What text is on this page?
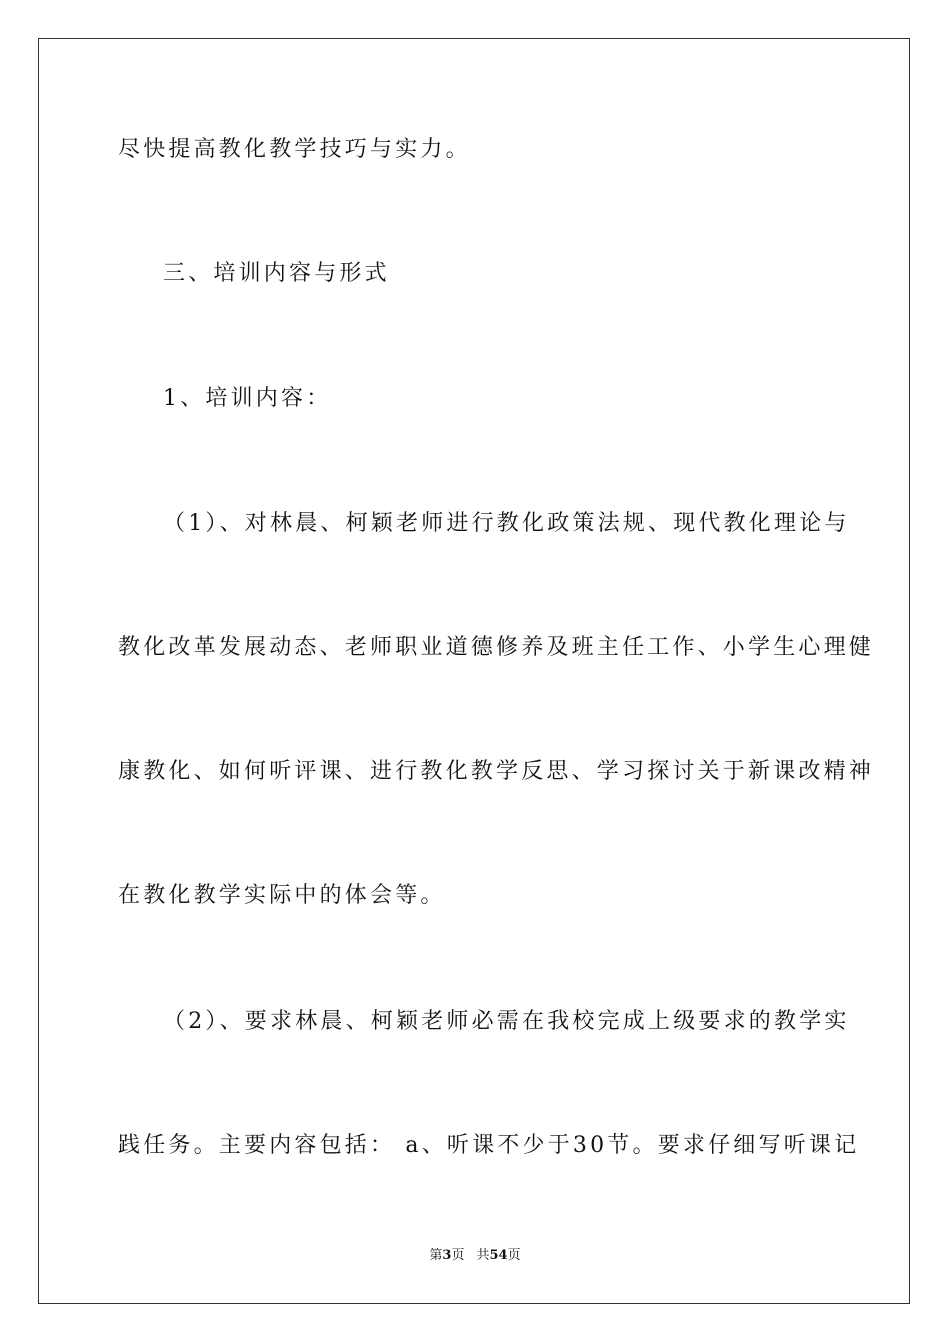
尽快提高教化教学技巧与实力。
三、培训内容与形式
1、培训内容：
（1）、对林晨、柯颖老师进行教化政策法规、现代教化理论与
教化改革发展动态、老师职业道德修养及班主任工作、小学生心理健
康教化、如何听评课、进行教化教学反思、学习探讨关于新课改精神
在教化教学实际中的体会等。
（2）、要求林晨、柯颖老师必需在我校完成上级要求的教学实
践任务。主要内容包括： a、听课不少于30节。要求仔细写听课记
第3页 共54页
